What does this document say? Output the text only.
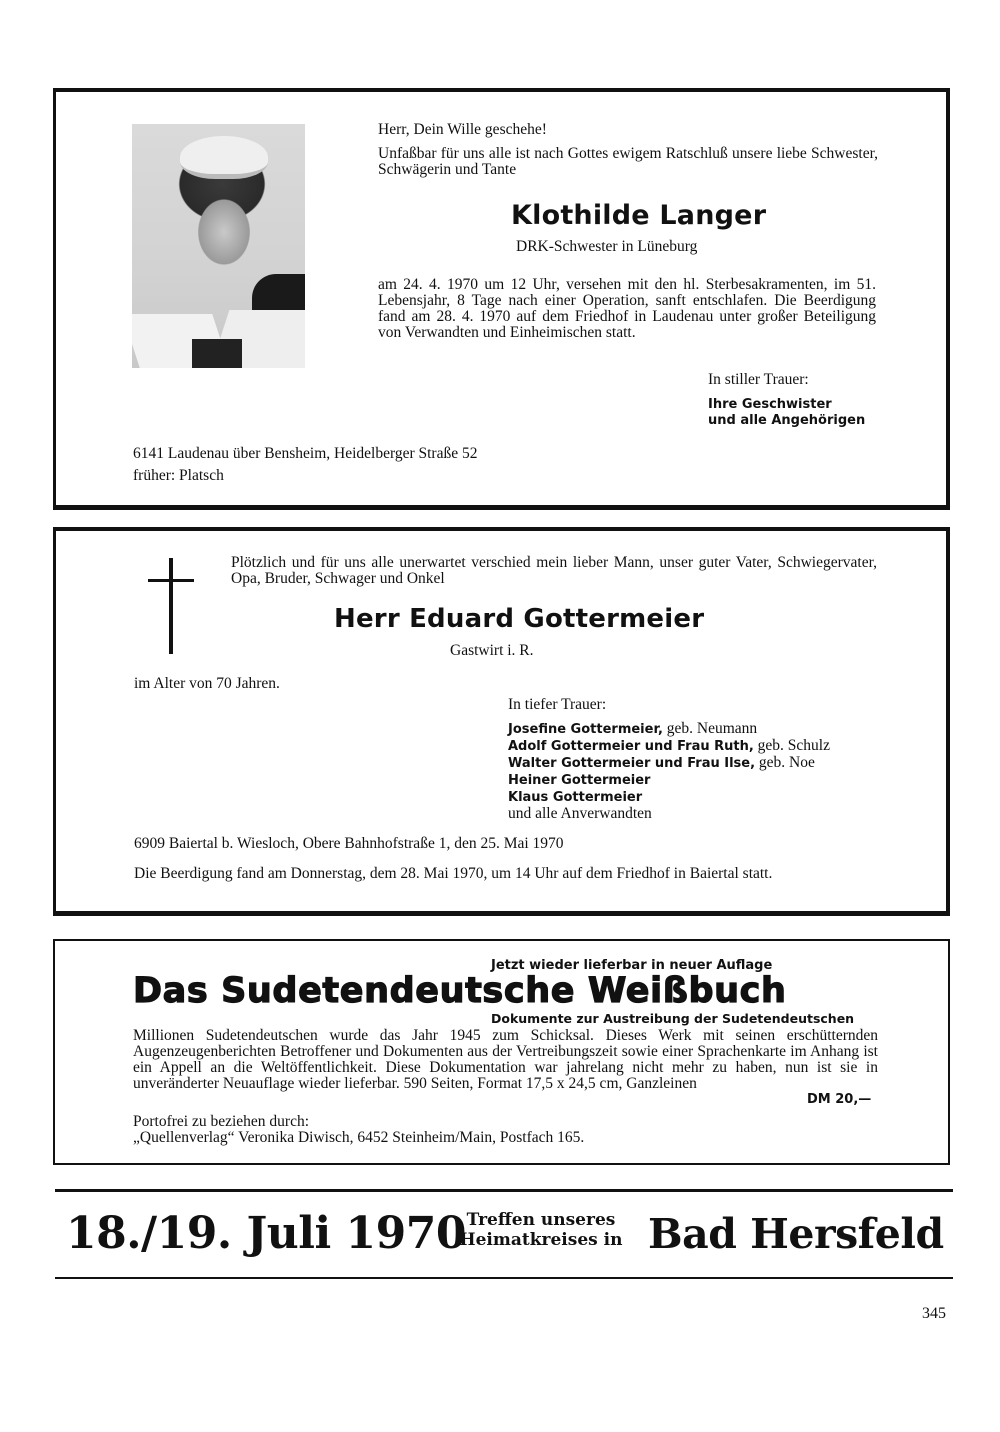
Herr, Dein Wille geschehe!

Unfaßbar für uns alle ist nach Gottes ewigem Ratschluß unsere liebe Schwester, Schwägerin und Tante

Klothilde Langer

DRK-Schwester in Lüneburg

am 24. 4. 1970 um 12 Uhr, versehen mit den hl. Sterbesakramenten, im 51. Lebensjahr, 8 Tage nach einer Operation, sanft entschlafen. Die Beerdigung fand am 28. 4. 1970 auf dem Friedhof in Laudenau unter großer Beteiligung von Verwandten und Einheimischen statt.

In stiller Trauer:

Ihre Geschwister

und alle Angehörigen

6141 Laudenau über Bensheim, Heidelberger Straße 52

früher: Platsch

Plötzlich und für uns alle unerwartet verschied mein lieber Mann, unser guter Vater, Schwiegervater, Opa, Bruder, Schwager und Onkel

Herr Eduard Gottermeier

Gastwirt i. R.

im Alter von 70 Jahren.

In tiefer Trauer:

Josefine Gottermeier, geb. Neumann
Adolf Gottermeier und Frau Ruth, geb. Schulz
Walter Gottermeier und Frau Ilse, geb. Noe
Heiner Gottermeier
Klaus Gottermeier
und alle Anverwandten

6909 Baiertal b. Wiesloch, Obere Bahnhofstraße 1, den 25. Mai 1970

Die Beerdigung fand am Donnerstag, dem 28. Mai 1970, um 14 Uhr auf dem Friedhof in Baiertal statt.

Jetzt wieder lieferbar in neuer Auflage

Das Sudetendeutsche Weißbuch

Dokumente zur Austreibung der Sudetendeutschen

Millionen Sudetendeutschen wurde das Jahr 1945 zum Schicksal. Dieses Werk mit seinen erschütternden Augenzeugenberichten Betroffener und Dokumenten aus der Vertreibungszeit sowie einer Sprachenkarte im Anhang ist ein Appell an die Weltöffentlichkeit. Diese Dokumentation war jahrelang nicht mehr zu haben, nun ist sie in unveränderter Neuauflage wieder lieferbar. 590 Seiten, Format 17,5 x 24,5 cm, Ganzleinen

DM 20,—

Portofrei zu beziehen durch:

„Quellenverlag“ Veronika Diwisch, 6452 Steinheim/Main, Postfach 165.

18./19. Juli 1970 Treffen unseres
Heimatkreises in Bad Hersfeld

345
